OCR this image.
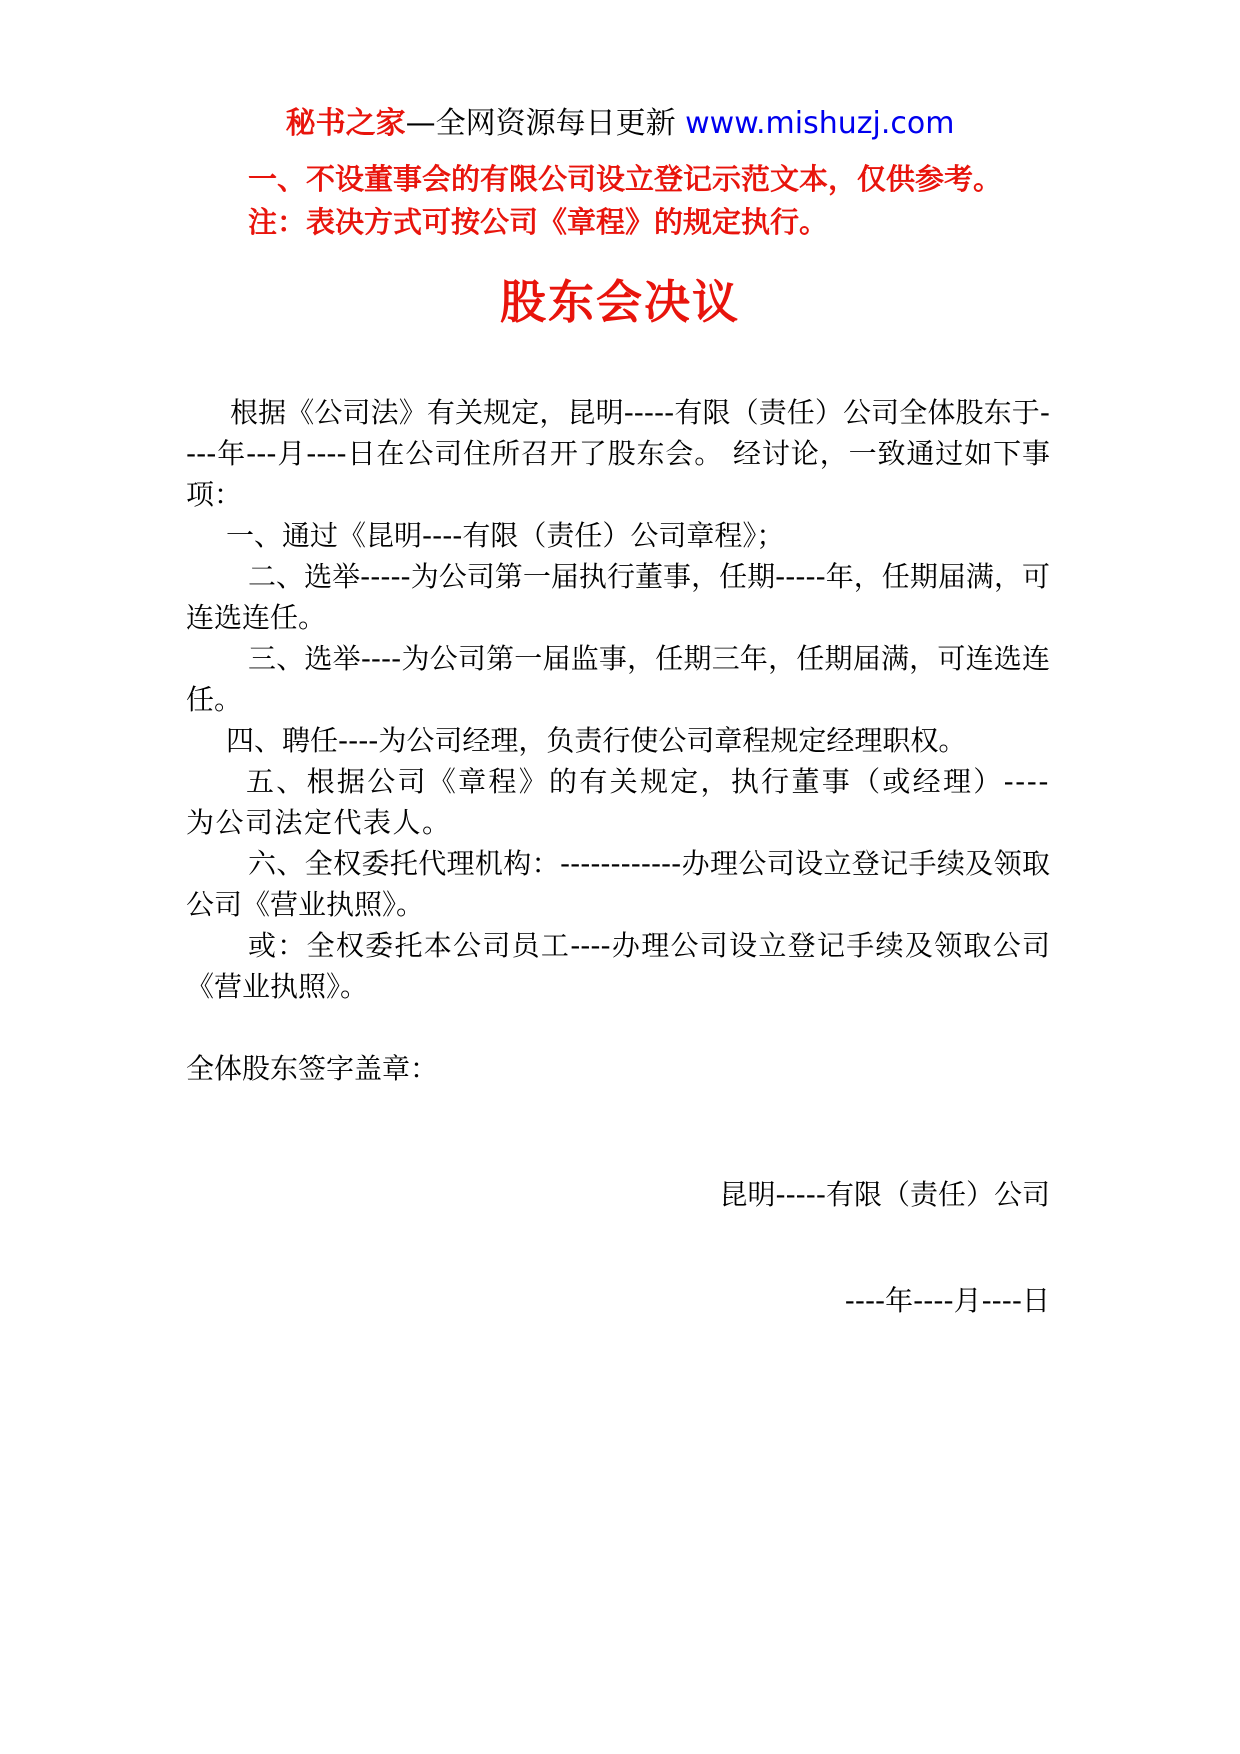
秘书之家—全网资源每日更新 www.mishuzj.com
一、不设董事会的有限公司设立登记示范文本，仅供参考。
注：表决方式可按公司《章程》的规定执行。
股东会决议

根据《公司法》有关规定，昆明-----有限（责任）公司全体股东于----年---月----日在公司住所召开了股东会。 经讨论，一致通过如下事项：

一、通过《昆明----有限（责任）公司章程》；

二、选举-----为公司第一届执行董事，任期-----年，任期届满，可连选连任。

三、选举----为公司第一届监事，任期三年，任期届满，可连选连任。

四、聘任----为公司经理，负责行使公司章程规定经理职权。

五、根据公司《章程》的有关规定，执行董事（或经理）----为公司法定代表人。

六、全权委托代理机构：------------办理公司设立登记手续及领取公司《营业执照》。

或：全权委托本公司员工----办理公司设立登记手续及领取公司《营业执照》。

全体股东签字盖章：
昆明-----有限（责任）公司
----年----月----日
